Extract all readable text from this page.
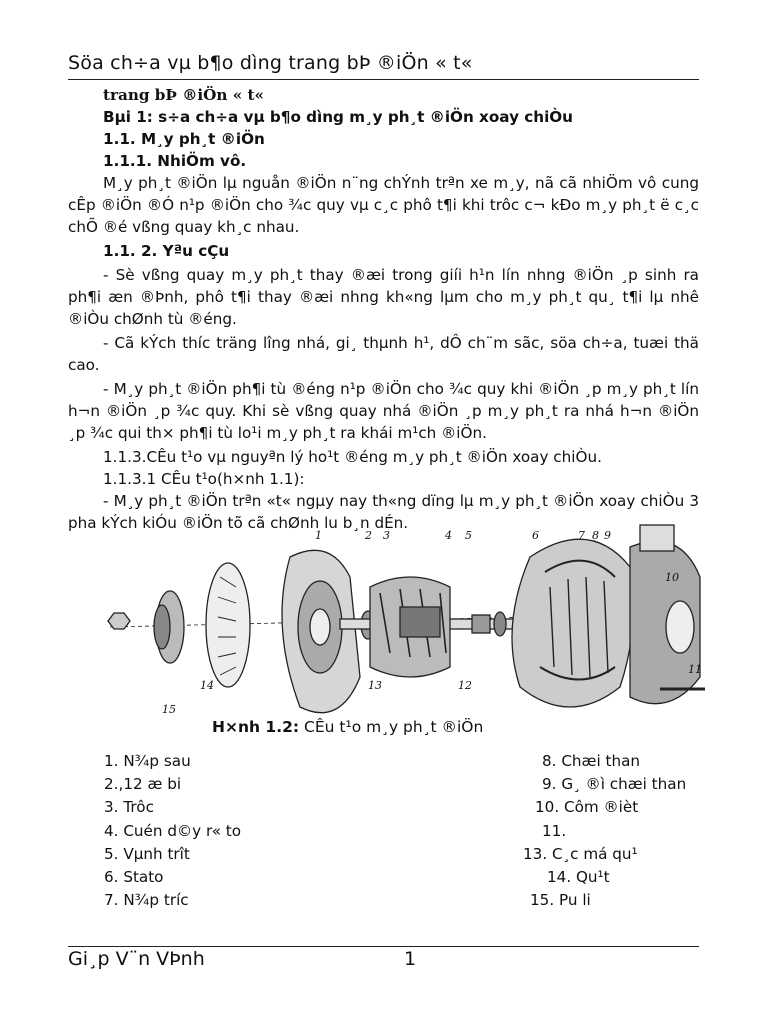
Söa ch÷a vµ b¶o dìng trang bÞ ®iÖn « t«

trang bÞ ®iÖn « t«

Bµi 1: s÷a ch÷a vµ b¶o dìng m¸y ph¸t ®iÖn xoay chiÒu

1.1. M¸y ph¸t ®iÖn

1.1.1. NhiÖm vô.

M¸y ph¸t ®iÖn lµ nguån ®iÖn n¨ng chÝnh trªn xe m¸y, nã cã nhiÖm vô cung cÊp ®iÖn ®Ó n¹p ®iÖn cho ¾c quy vµ c¸c phô t¶i khi trôc c¬ kÐo m¸y ph¸t ë c¸c chÕ ®é vßng quay kh¸c nhau.

1.1. 2. Yªu cÇu

- Sè vßng quay m¸y ph¸t thay ®æi trong giíi h¹n lín nhng ®iÖn ¸p sinh ra ph¶i æn ®Þnh, phô t¶i thay ®æi nhng kh«ng lµm cho m¸y ph¸t qu¸ t¶i lµ nhê ®iÒu chØnh tù ®éng.

- Cã kÝch thíc träng lîng nhá, gi¸ thµnh h¹, dÔ ch¨m sãc, söa ch÷a, tuæi thä cao.

- M¸y ph¸t ®iÖn ph¶i tù ®éng n¹p ®iÖn cho ¾c quy khi ®iÖn ¸p m¸y ph¸t lín h¬n ®iÖn ¸p ¾c quy. Khi sè vßng quay nhá ®iÖn ¸p m¸y ph¸t ra nhá h¬n ®iÖn ¸p ¾c qui th× ph¶i tù lo¹i m¸y ph¸t ra khái m¹ch ®iÖn.

1.1.3.CÊu t¹o vµ nguyªn lý ho¹t ®éng m¸y ph¸t ®iÖn xoay chiÒu.

1.1.3.1 CÊu t¹o(h×nh 1.1):

- M¸y ph¸t ®iÖn trªn «t« ngµy nay th«ng dïng lµ m¸y ph¸t ®iÖn xoay chiÒu 3 pha kÝch kiÓu ®iÖn tõ cã chØnh lu b¸n dÉn.

1	2 3	4 5	6	7 8 9
10
11
12
13
14
15
H×nh 1.2: CÊu t¹o m¸y ph¸t ®iÖn
1. N¾p sau
2.,12 æ bi
3. Trôc
4. Cuén d©y r« to
5. Vµnh trît
6. Stato
7. N¾p tríc
8. Chæi than
9. G¸ ®ì chæi than
10. Côm ®ièt
11.
13. C¸c má qu¹
14. Qu¹t
15. Pu li
Gi¸p V¨n VÞnh	1
